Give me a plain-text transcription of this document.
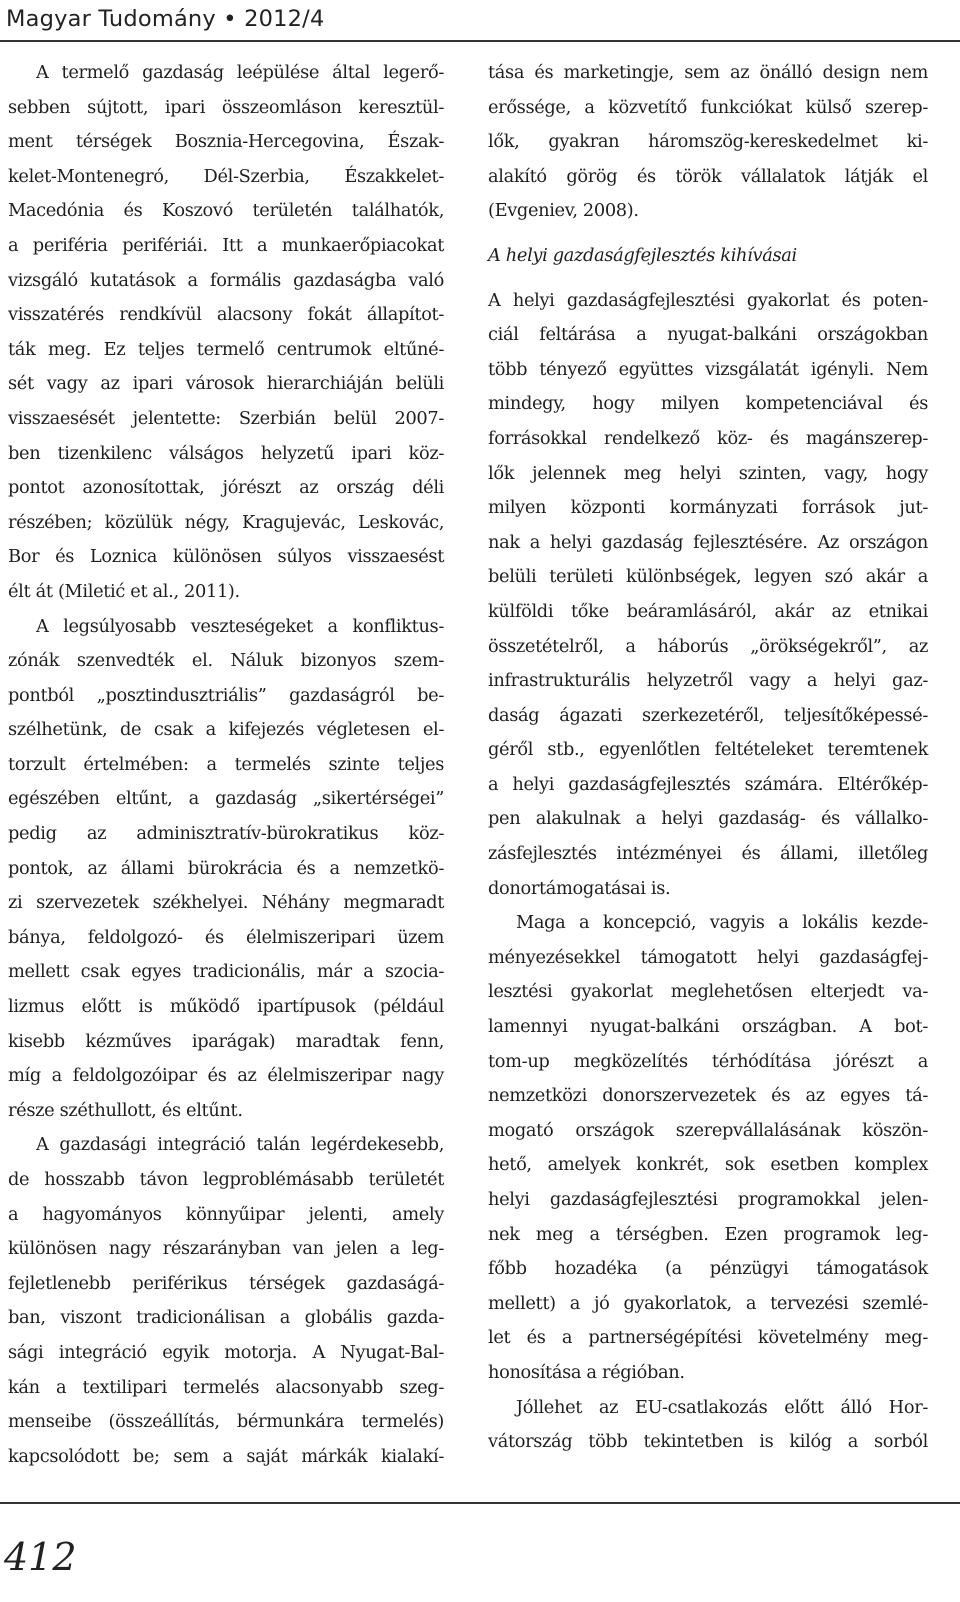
Magyar Tudomány • 2012/4
A termelő gazdaság leépülése által legerő-
sebben sújtott, ipari összeomláson keresztül-
ment térségek Bosznia-Hercegovina, Észak-
kelet-Montenegró, Dél-Szerbia, Északkelet-
Macedónia és Koszovó területén találhatók,
a periféria perifériái. Itt a munkaerőpiacokat
vizsgáló kutatások a formális gazdaságba való
visszatérés rendkívül alacsony fokát állapítot-
ták meg. Ez teljes termelő centrumok eltűné-
sét vagy az ipari városok hierarchiáján belüli
visszaesését jelentette: Szerbián belül 2007-
ben tizenkilenc válságos helyzetű ipari köz-
pontot azonosítottak, jórészt az ország déli
részében; közülük négy, Kragujevác, Leskovác,
Bor és Loznica különösen súlyos visszaesést
élt át (Miletić et al., 2011).
A legsúlyosabb veszteségeket a konfliktus-
zónák szenvedték el. Náluk bizonyos szem-
pontból „posztindusztriális” gazdaságról be-
szélhetünk, de csak a kifejezés végletesen el-
torzult értelmében: a termelés szinte teljes
egészében eltűnt, a gazdaság „sikertérségei”
pedig az adminisztratív-bürokratikus köz-
pontok, az állami bürokrácia és a nemzetkö-
zi szervezetek székhelyei. Néhány megmaradt
bánya, feldolgozó- és élelmiszeripari üzem
mellett csak egyes tradicionális, már a szocia-
lizmus előtt is működő ipartípusok (például
kisebb kézműves iparágak) maradtak fenn,
míg a feldolgozóipar és az élelmiszeripar nagy
része széthullott, és eltűnt.
A gazdasági integráció talán legérdekesebb,
de hosszabb távon legproblémásabb területét
a hagyományos könnyűipar jelenti, amely
különösen nagy részarányban van jelen a leg-
fejletlenebb periférikus térségek gazdaságá-
ban, viszont tradicionálisan a globális gazda-
sági integráció egyik motorja. A Nyugat-Bal-
kán a textilipari termelés alacsonyabb szeg-
menseibe (összeállítás, bérmunkára termelés)
kapcsolódott be; sem a saját márkák kialakí-
tása és marketingje, sem az önálló design nem
erőssége, a közvetítő funkciókat külső szerep-
lők, gyakran háromszög-kereskedelmet ki-
alakító görög és török vállalatok látják el
(Evgeniev, 2008).
A helyi gazdaságfejlesztés kihívásai
A helyi gazdaságfejlesztési gyakorlat és poten-
ciál feltárása a nyugat-balkáni országokban
több tényező együttes vizsgálatát igényli. Nem
mindegy, hogy milyen kompetenciával és
forrásokkal rendelkező köz- és magánszerep-
lők jelennek meg helyi szinten, vagy, hogy
milyen központi kormányzati források jut-
nak a helyi gazdaság fejlesztésére. Az országon
belüli területi különbségek, legyen szó akár a
külföldi tőke beáramlásáról, akár az etnikai
összetételről, a háborús „örökségekről”, az
infrastrukturális helyzetről vagy a helyi gaz-
daság ágazati szerkezetéről, teljesítőképessé-
géről stb., egyenlőtlen feltételeket teremtenek
a helyi gazdaságfejlesztés számára. Eltérőkép-
pen alakulnak a helyi gazdaság- és vállalko-
zásfejlesztés intézményei és állami, illetőleg
donortámogatásai is.
Maga a koncepció, vagyis a lokális kezde-
ményezésekkel támogatott helyi gazdaságfej-
lesztési gyakorlat meglehetősen elterjedt va-
lamennyi nyugat-balkáni országban. A bot-
tom-up megközelítés térhódítása jórészt a
nemzetközi donorszervezetek és az egyes tá-
mogató országok szerepvállalásának köszön-
hető, amelyek konkrét, sok esetben komplex
helyi gazdaságfejlesztési programokkal jelen-
nek meg a térségben. Ezen programok leg-
főbb hozadéka (a pénzügyi támogatások
mellett) a jó gyakorlatok, a tervezési szemlé-
let és a partnerségépítési követelmény meg-
honosítása a régióban.
Jóllehet az EU-csatlakozás előtt álló Hor-
vátország több tekintetben is kilóg a sorból
412
